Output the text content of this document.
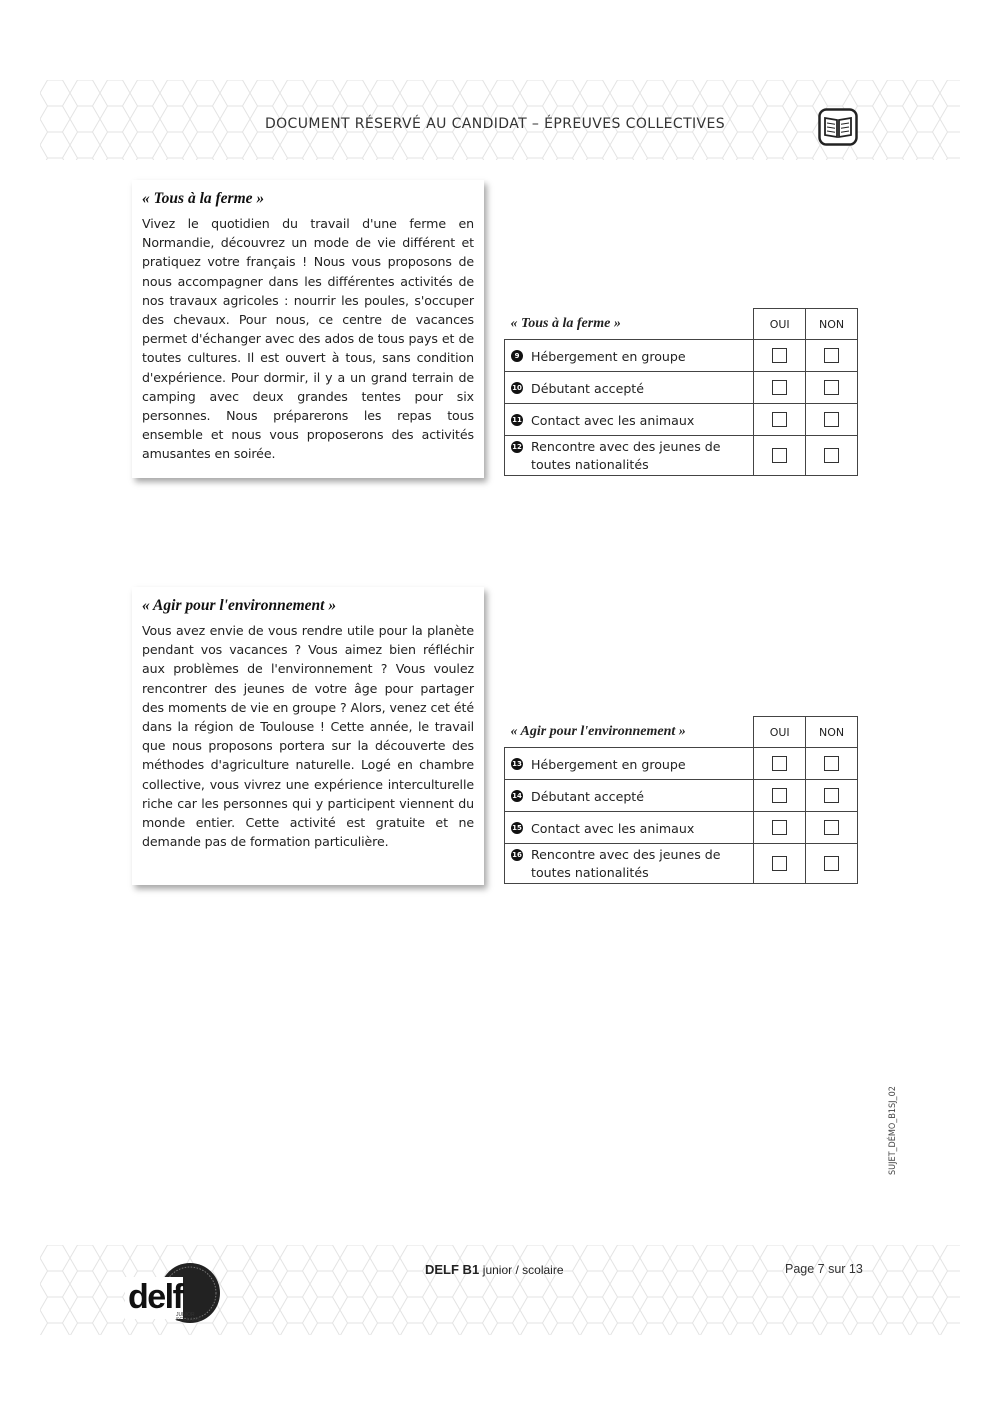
DOCUMENT RÉSERVÉ AU CANDIDAT – ÉPREUVES COLLECTIVES
« Tous à la ferme »
Vivez le quotidien du travail d'une ferme en Normandie, découvrez un mode de vie différent et pratiquez votre français ! Nous vous proposons de nous accompagner dans les différentes activités de nos travaux agricoles : nourrir les poules, s'occuper des chevaux. Pour nous, ce centre de vacances permet d'échanger avec des ados de tous pays et de toutes cultures. Il est ouvert à tous, sans condition d'expérience. Pour dormir, il y a un grand terrain de camping avec deux grandes tentes pour six personnes. Nous préparerons les repas tous ensemble et nous vous proposerons des activités amusantes en soirée.
« Tous à la ferme »	OUI	NON
9 Hébergement en groupe		
10 Débutant accepté		
11 Contact avec les animaux		

12 Rencontre avec des jeunes de toutes nationalités		

« Agir pour l'environnement »
Vous avez envie de vous rendre utile pour la planète pendant vos vacances ? Vous aimez bien réfléchir aux problèmes de l'environnement ? Vous voulez rencontrer des jeunes de votre âge pour partager des moments de vie en groupe ? Alors, venez cet été dans la région de Toulouse ! Cette année, le travail que nous proposons portera sur la découverte des méthodes d'agriculture naturelle. Logé en chambre collective, vous vivrez une expérience interculturelle riche car les personnes qui y participent viennent du monde entier. Cette activité est gratuite et ne demande pas de formation particulière.
« Agir pour l'environnement »	OUI	NON
13 Hébergement en groupe		
14 Débutant accepté		
15 Contact avec les animaux		

16 Rencontre avec des jeunes de toutes nationalités		

SUJET_DÉMO_B1SJ_02
delf
JUNIOR
SCOLAIRE
DELF B1 junior / scolaire	Page 7 sur 13
